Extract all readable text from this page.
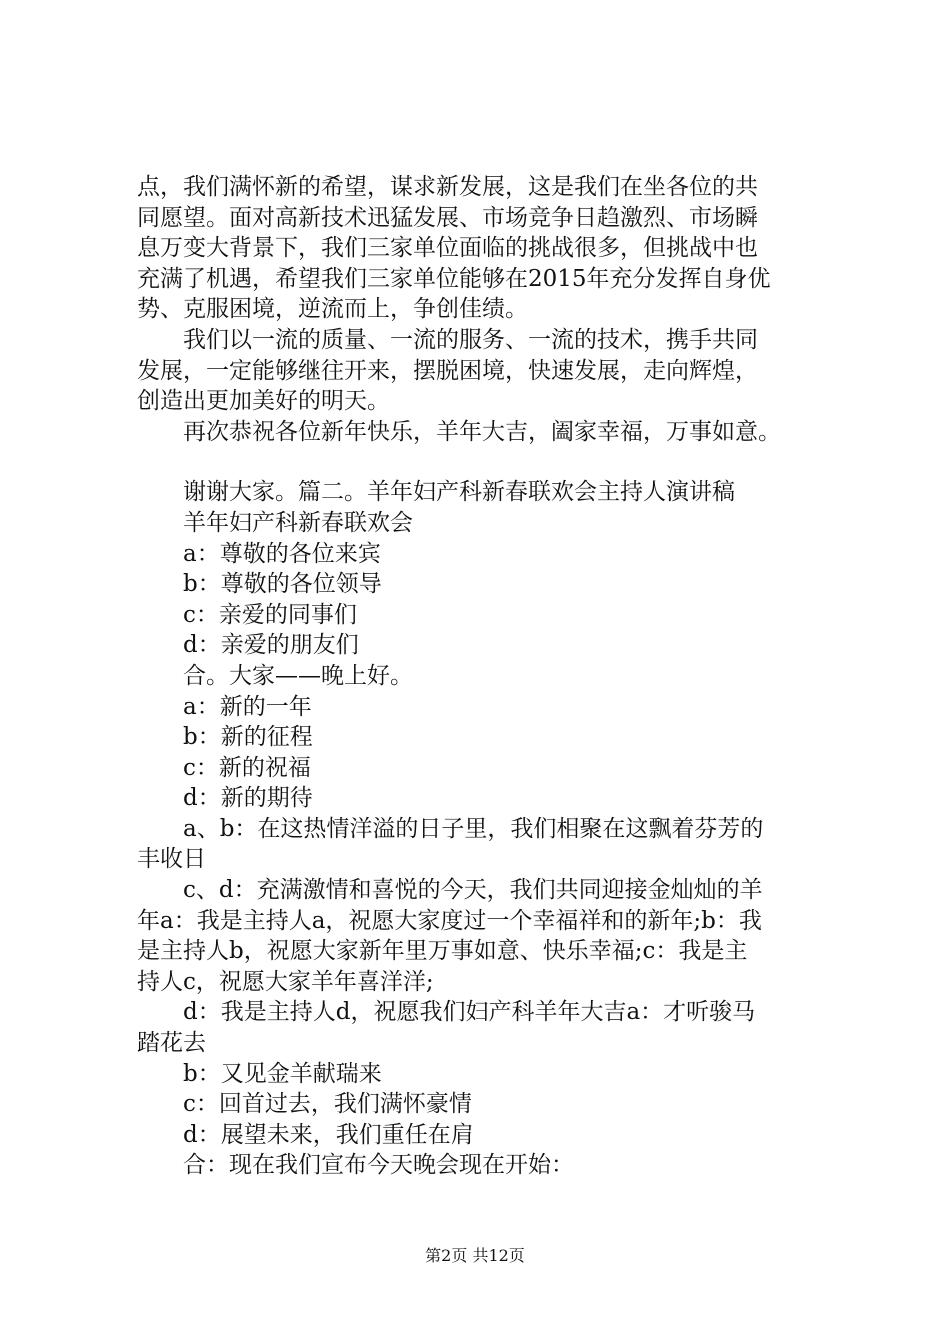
点，我们满怀新的希望，谋求新发展，这是我们在坐各位的共
同愿望。面对高新技术迅猛发展、市场竞争日趋激烈、市场瞬
息万变大背景下，我们三家单位面临的挑战很多，但挑战中也
充满了机遇，希望我们三家单位能够在2015年充分发挥自身优
势、克服困境，逆流而上，争创佳绩。
我们以一流的质量、一流的服务、一流的技术，携手共同
发展，一定能够继往开来，摆脱困境，快速发展，走向辉煌，
创造出更加美好的明天。
再次恭祝各位新年快乐，羊年大吉，阖家幸福，万事如意。
谢谢大家。篇二。羊年妇产科新春联欢会主持人演讲稿
羊年妇产科新春联欢会
a：尊敬的各位来宾
b：尊敬的各位领导
c：亲爱的同事们
d：亲爱的朋友们
合。大家——晚上好。
a：新的一年
b：新的征程
c：新的祝福
d：新的期待
a、b：在这热情洋溢的日子里，我们相聚在这飘着芬芳的
丰收日
c、d：充满激情和喜悦的今天，我们共同迎接金灿灿的羊
年a：我是主持人a，祝愿大家度过一个幸福祥和的新年;b：我
是主持人b，祝愿大家新年里万事如意、快乐幸福;c：我是主
持人c，祝愿大家羊年喜洋洋;
d：我是主持人d，祝愿我们妇产科羊年大吉a：才听骏马
踏花去
b：又见金羊献瑞来
c：回首过去，我们满怀豪情
d：展望未来，我们重任在肩
合：现在我们宣布今天晚会现在开始：
第2页 共12页
